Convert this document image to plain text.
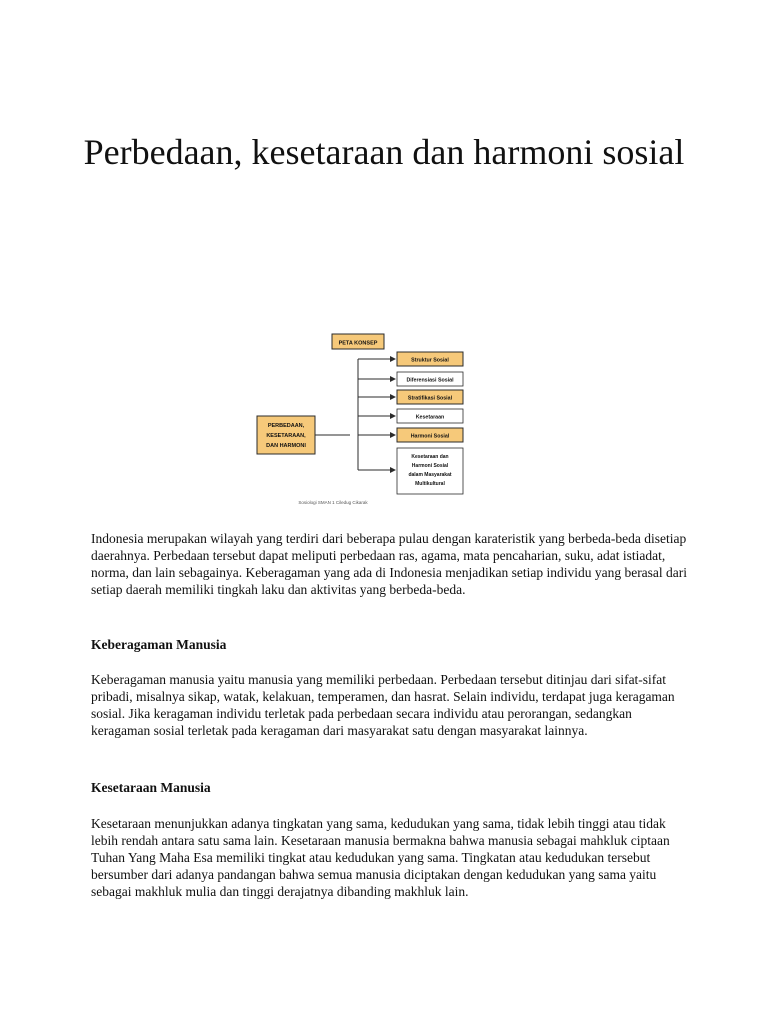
Perbedaan, kesetaraan dan harmoni sosial
PETA KONSEP
PERBEDAAN,
KESETARAAN,
DAN HARMONI
Struktur Sosial
Diferensiasi Sosial
Stratifikasi Sosial
Kesetaraan
Harmoni Sosial
Kesetaraan dan
Harmoni Sosial
dalam Masyarakat
Multikultural
Sosiologi SMAN 1 Ciledug Cikarak

Indonesia merupakan wilayah yang terdiri dari beberapa pulau dengan karateristik yang berbeda-beda disetiap daerahnya. Perbedaan tersebut dapat meliputi perbedaan ras, agama, mata pencaharian, suku, adat istiadat, norma, dan lain sebagainya. Keberagaman yang ada di Indonesia menjadikan setiap individu yang berasal dari setiap daerah memiliki tingkah laku dan aktivitas yang berbeda-beda.

Keberagaman Manusia

Keberagaman manusia yaitu manusia yang memiliki perbedaan. Perbedaan tersebut ditinjau dari sifat-sifat pribadi, misalnya sikap, watak, kelakuan, temperamen, dan hasrat. Selain individu, terdapat juga keragaman sosial. Jika keragaman individu terletak pada perbedaan secara individu atau perorangan, sedangkan keragaman sosial terletak pada keragaman dari masyarakat satu dengan masyarakat lainnya.

Kesetaraan Manusia

Kesetaraan menunjukkan adanya tingkatan yang sama, kedudukan yang sama, tidak lebih tinggi atau tidak lebih rendah antara satu sama lain. Kesetaraan manusia bermakna bahwa manusia sebagai mahkluk ciptaan Tuhan Yang Maha Esa memiliki tingkat atau kedudukan yang sama. Tingkatan atau kedudukan tersebut bersumber dari adanya pandangan bahwa semua manusia diciptakan dengan kedudukan yang sama yaitu sebagai makhluk mulia dan tinggi derajatnya dibanding makhluk lain.
